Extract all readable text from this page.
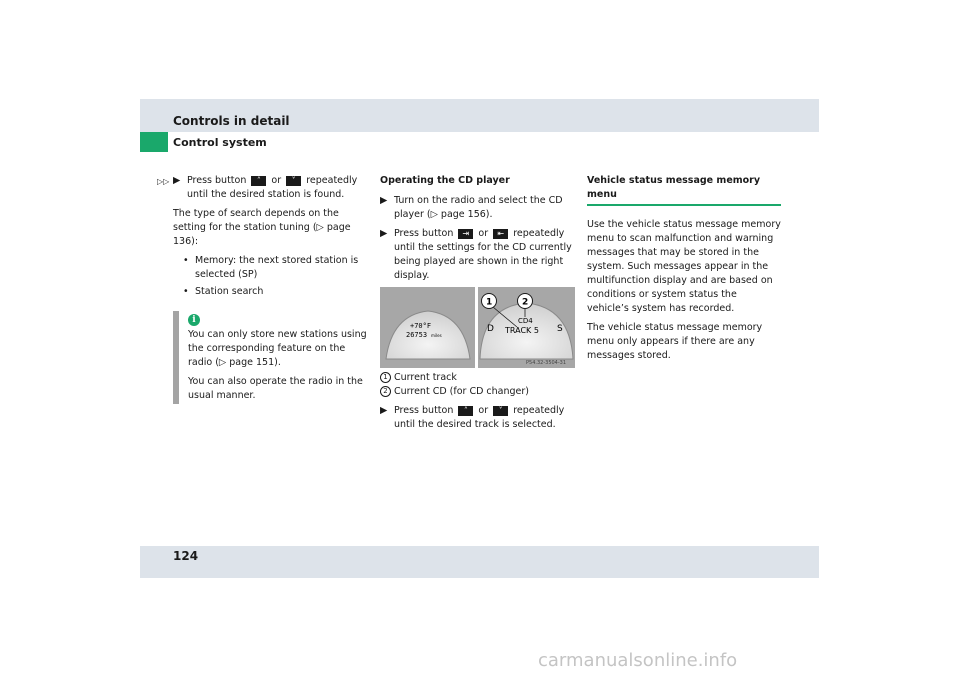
Controls in detail
Control system
124
carmanualsonline.info
▷▷ ▶ Press button ˄ or ˅ repeatedly until the desired station is found.

The type of search depends on the setting for the station tuning (▷ page 136):

• Memory: the next stored station is selected (SP)
• Station search
i

You can only store new stations using the corresponding feature on the radio (▷ page 151).

You can also operate the radio in the usual manner.

Operating the CD player

▶ Turn on the radio and select the CD player (▷ page 156).
▶ Press button ⇥ or ⇤ repeatedly until the settings for the CD currently being played are shown in the right display.
+70°F
26753 miles
1	2
CD4
TRACK 5
D	S
P54.32-3504-31
1 Current track
2 Current CD (for CD changer)
▶ Press button ˄ or ˅ repeatedly until the desired track is selected.

Vehicle status message memory menu

Use the vehicle status message memory menu to scan malfunction and warning messages that may be stored in the system. Such messages appear in the multifunction display and are based on conditions or system status the vehicle’s system has recorded.

The vehicle status message memory menu only appears if there are any messages stored.
